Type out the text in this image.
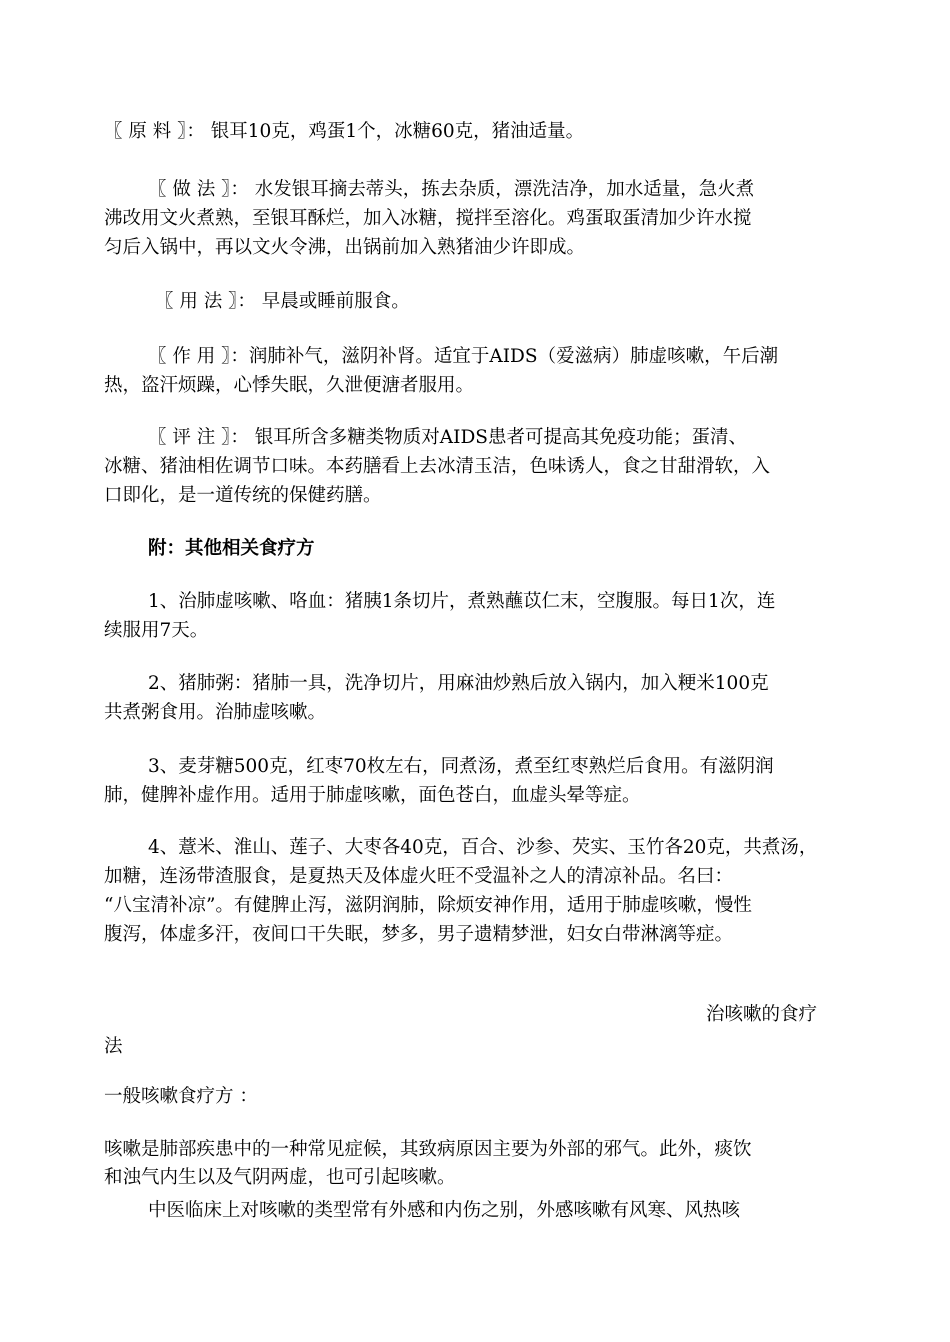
〖 原 料 〗： 银耳10克，鸡蛋1个，冰糖60克，猪油适量。
〖 做 法 〗： 水发银耳摘去蒂头，拣去杂质，漂洗洁净，加水适量，急火煮
沸改用文火煮熟，至银耳酥烂，加入冰糖，搅拌至溶化。鸡蛋取蛋清加少许水搅
匀后入锅中，再以文火令沸，出锅前加入熟猪油少许即成。
〖 用 法 〗： 早晨或睡前服食。
〖 作 用 〗：润肺补气，滋阴补肾。适宜于AIDS（爱滋病）肺虚咳嗽，午后潮
热，盗汗烦躁，心悸失眠，久泄便溏者服用。
〖 评 注 〗： 银耳所含多糖类物质对AIDS患者可提高其免疫功能；蛋清、
冰糖、猪油相佐调节口味。本药膳看上去冰清玉洁，色味诱人，食之甘甜滑软，入
口即化，是一道传统的保健药膳。
附：其他相关食疗方
1、治肺虚咳嗽、咯血：猪胰1条切片，煮熟蘸苡仁末，空腹服。每日1次，连
续服用7天。
2、猪肺粥：猪肺一具，洗净切片，用麻油炒熟后放入锅内，加入粳米100克
共煮粥食用。治肺虚咳嗽。
3、麦芽糖500克，红枣70枚左右，同煮汤，煮至红枣熟烂后食用。有滋阴润
肺，健脾补虚作用。适用于肺虚咳嗽，面色苍白，血虚头晕等症。
4、薏米、淮山、莲子、大枣各40克，百合、沙参、芡实、玉竹各20克，共煮汤，
加糖，连汤带渣服食，是夏热天及体虚火旺不受温补之人的清凉补品。名曰：
“八宝清补凉”。有健脾止泻，滋阴润肺，除烦安神作用，适用于肺虚咳嗽，慢性
腹泻，体虚多汗，夜间口干失眠，梦多，男子遗精梦泄，妇女白带淋漓等症。
治咳嗽的食疗
法
一般咳嗽食疗方 ：
咳嗽是肺部疾患中的一种常见症候，其致病原因主要为外部的邪气。此外，痰饮
和浊气内生以及气阴两虚，也可引起咳嗽。
中医临床上对咳嗽的类型常有外感和内伤之别，外感咳嗽有风寒、风热咳
